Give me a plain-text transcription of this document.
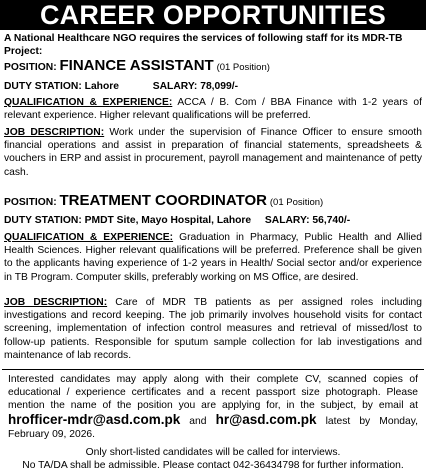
CAREER OPPORTUNITIES
A National Healthcare NGO requires the services of following staff for its MDR-TB Project:
POSITION: FINANCE ASSISTANT (01 Position)
DUTY STATION: Lahore	SALARY: 78,099/-
QUALIFICATION & EXPERIENCE: ACCA / B. Com / BBA Finance with 1-2 years of relevant experience. Higher relevant qualifications will be preferred.
JOB DESCRIPTION: Work under the supervision of Finance Officer to ensure smooth financial operations and assist in preparation of financial statements, spreadsheets & vouchers in ERP and assist in procurement, payroll management and maintenance of petty cash.
POSITION: TREATMENT COORDINATOR (01 Position)
DUTY STATION: PMDT Site, Mayo Hospital, Lahore SALARY: 56,740/-
QUALIFICATION & EXPERIENCE: Graduation in Pharmacy, Public Health and Allied Health Sciences. Higher relevant qualifications will be preferred. Preference shall be given to the applicants having experience of 1-2 years in Health/ Social sector and/or experience in TB Program. Computer skills, preferably working on MS Office, are desired.
JOB DESCRIPTION: Care of MDR TB patients as per assigned roles including investigations and record keeping. The job primarily involves household visits for contact screening, implementation of infection control measures and retrieval of missed/lost to follow-up patients. Responsible for sputum sample collection for lab investigations and maintenance of lab records.
Interested candidates may apply along with their complete CV, scanned copies of educational / experience certificates and a recent passport size photograph. Please mention the name of the position you are applying for, in the subject, by email at hrofficer-mdr@asd.com.pk and hr@asd.com.pk latest by Monday, February 09, 2026.
Only short-listed candidates will be called for interviews.
No TA/DA shall be admissible. Please contact 042-36434798 for further information.
